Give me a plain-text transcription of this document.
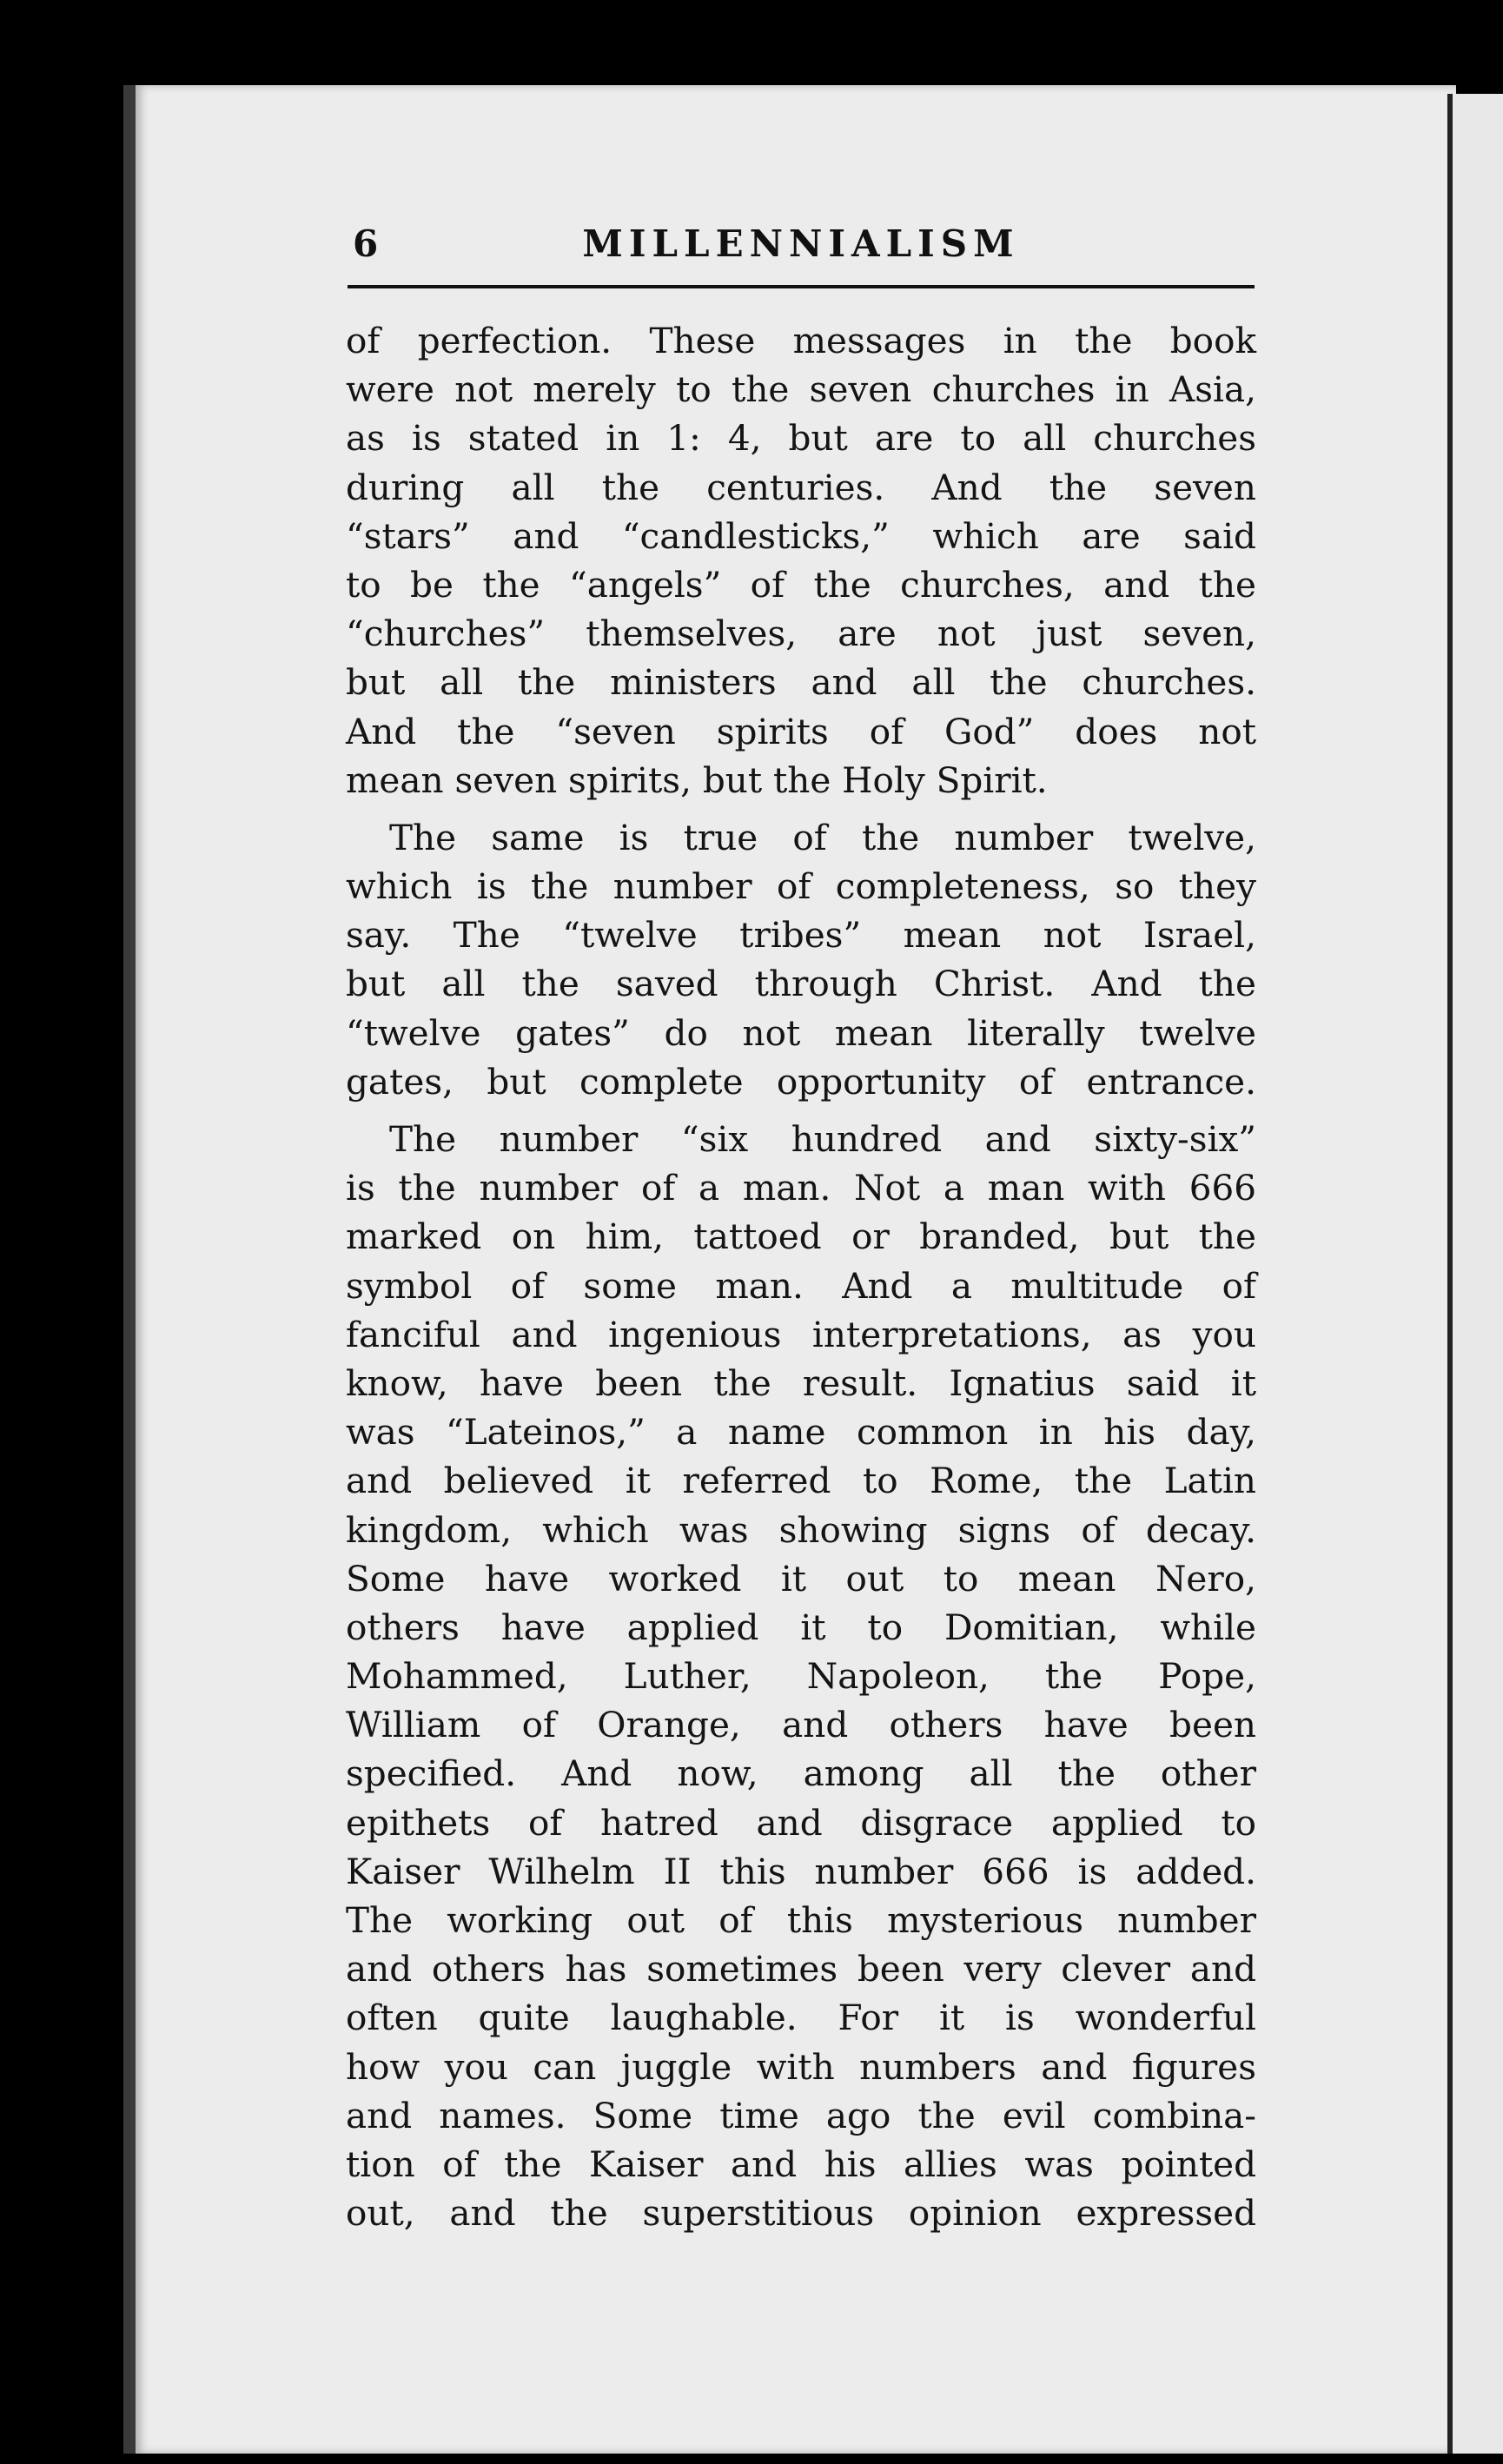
6	MILLENNIALISM
of perfection. These messages in the book
were not merely to the seven churches in Asia,
as is stated in 1: 4, but are to all churches
during all the centuries. And the seven
“stars” and “candlesticks,” which are said
to be the “angels” of the churches, and the
“churches” themselves, are not just seven,
but all the ministers and all the churches.
And the “seven spirits of God” does not
mean seven spirits, but the Holy Spirit.
The same is true of the number twelve,
which is the number of completeness, so they
say. The “twelve tribes” mean not Israel,
but all the saved through Christ. And the
“twelve gates” do not mean literally twelve
gates, but complete opportunity of entrance.
The number “six hundred and sixty-six”
is the number of a man. Not a man with 666
marked on him, tattoed or branded, but the
symbol of some man. And a multitude of
fanciful and ingenious interpretations, as you
know, have been the result. Ignatius said it
was “Lateinos,” a name common in his day,
and believed it referred to Rome, the Latin
kingdom, which was showing signs of decay.
Some have worked it out to mean Nero,
others have applied it to Domitian, while
Mohammed, Luther, Napoleon, the Pope,
William of Orange, and others have been
specified. And now, among all the other
epithets of hatred and disgrace applied to
Kaiser Wilhelm II this number 666 is added.
The working out of this mysterious number
and others has sometimes been very clever and
often quite laughable. For it is wonderful
how you can juggle with numbers and figures
and names. Some time ago the evil combina-
tion of the Kaiser and his allies was pointed
out, and the superstitious opinion expressed
